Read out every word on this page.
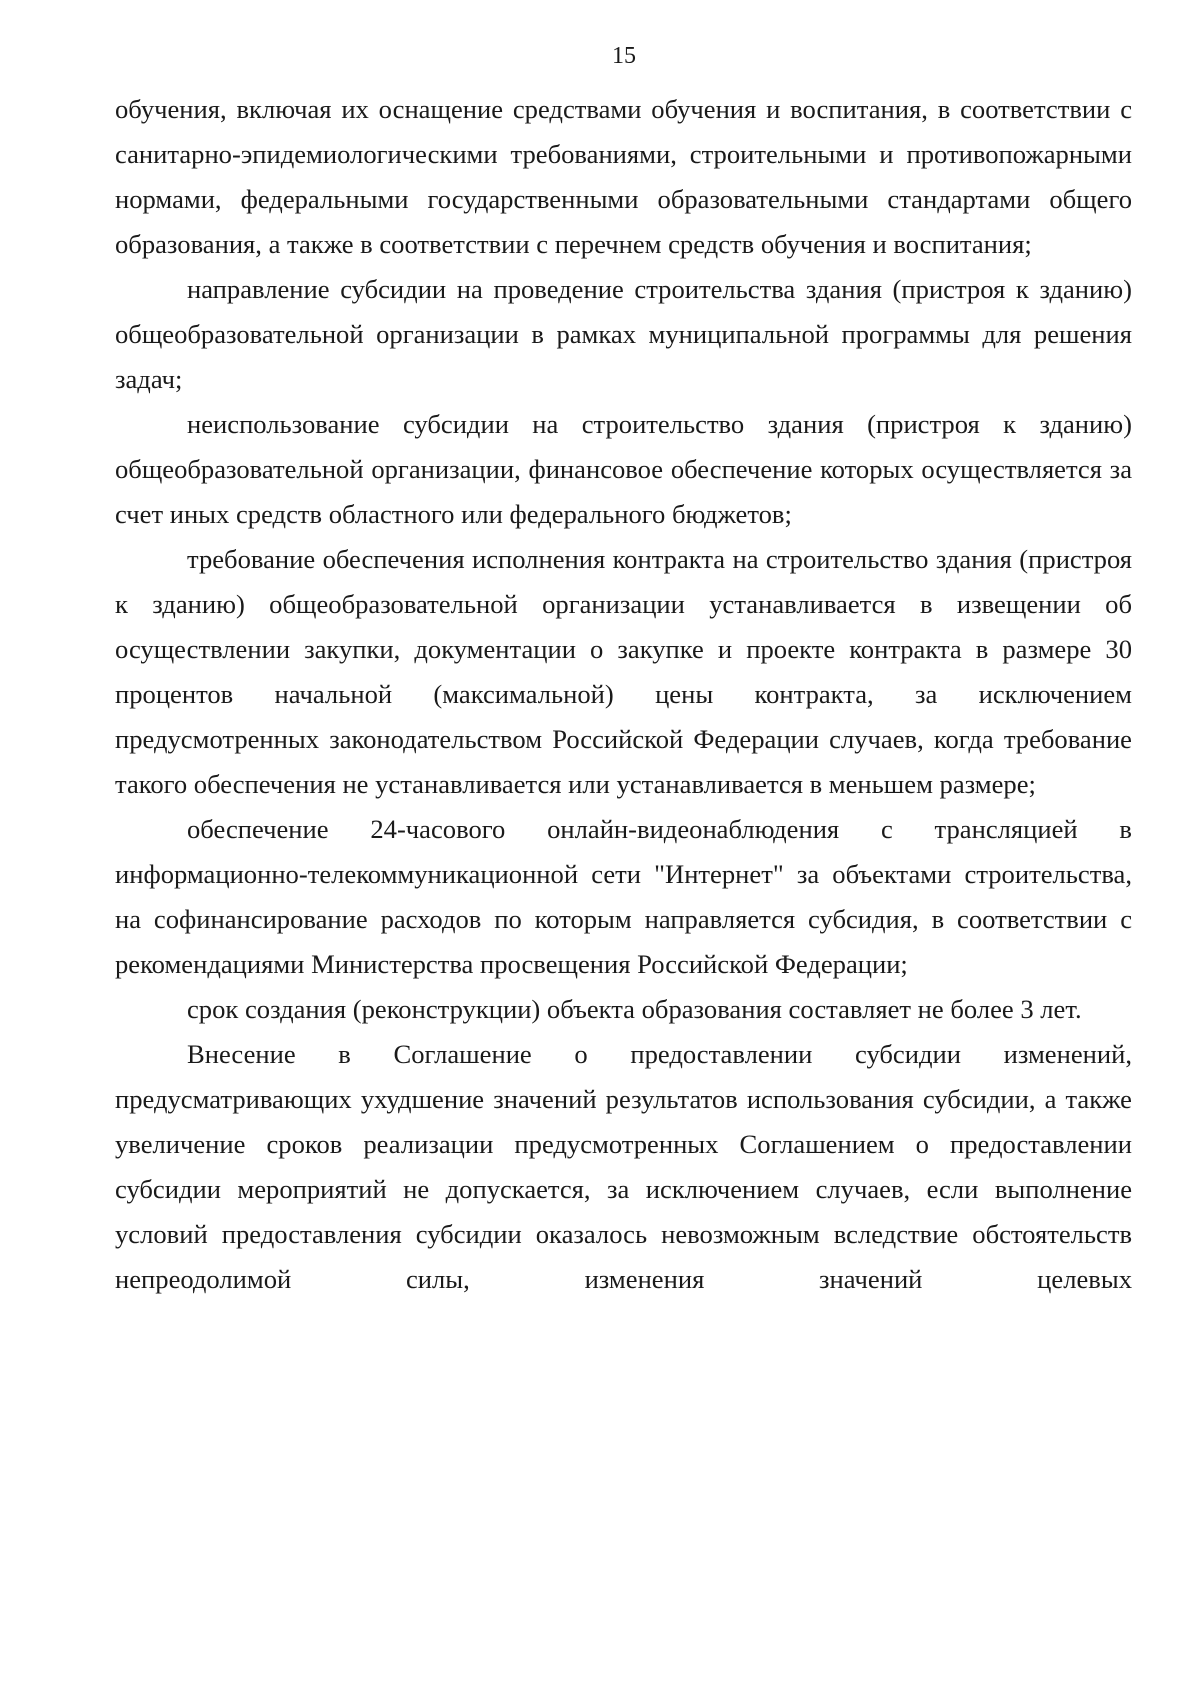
15

обучения, включая их оснащение средствами обучения и воспитания, в соответствии с санитарно-эпидемиологическими требованиями, строительными и противопожарными нормами, федеральными государственными образовательными стандартами общего образования, а также в соответствии с перечнем средств обучения и воспитания;

направление субсидии на проведение строительства здания (пристроя к зданию) общеобразовательной организации в рамках муниципальной программы для решения задач;

неиспользование субсидии на строительство здания (пристроя к зданию) общеобразовательной организации, финансовое обеспечение которых осуществляется за счет иных средств областного или федерального бюджетов;

требование обеспечения исполнения контракта на строительство здания (пристроя к зданию) общеобразовательной организации устанавливается в извещении об осуществлении закупки, документации о закупке и проекте контракта в размере 30 процентов начальной (максимальной) цены контракта, за исключением предусмотренных законодательством Российской Федерации случаев, когда требование такого обеспечения не устанавливается или устанавливается в меньшем размере;

обеспечение 24-часового онлайн-видеонаблюдения с трансляцией в информационно-телекоммуникационной сети "Интернет" за объектами строительства, на софинансирование расходов по которым направляется субсидия, в соответствии с рекомендациями Министерства просвещения Российской Федерации;

срок создания (реконструкции) объекта образования составляет не более 3 лет.

Внесение в Соглашение о предоставлении субсидии изменений, предусматривающих ухудшение значений результатов использования субсидии, а также увеличение сроков реализации предусмотренных Соглашением о предоставлении субсидии мероприятий не допускается, за исключением случаев, если выполнение условий предоставления субсидии оказалось невозможным вследствие обстоятельств непреодолимой силы, изменения значений целевых
